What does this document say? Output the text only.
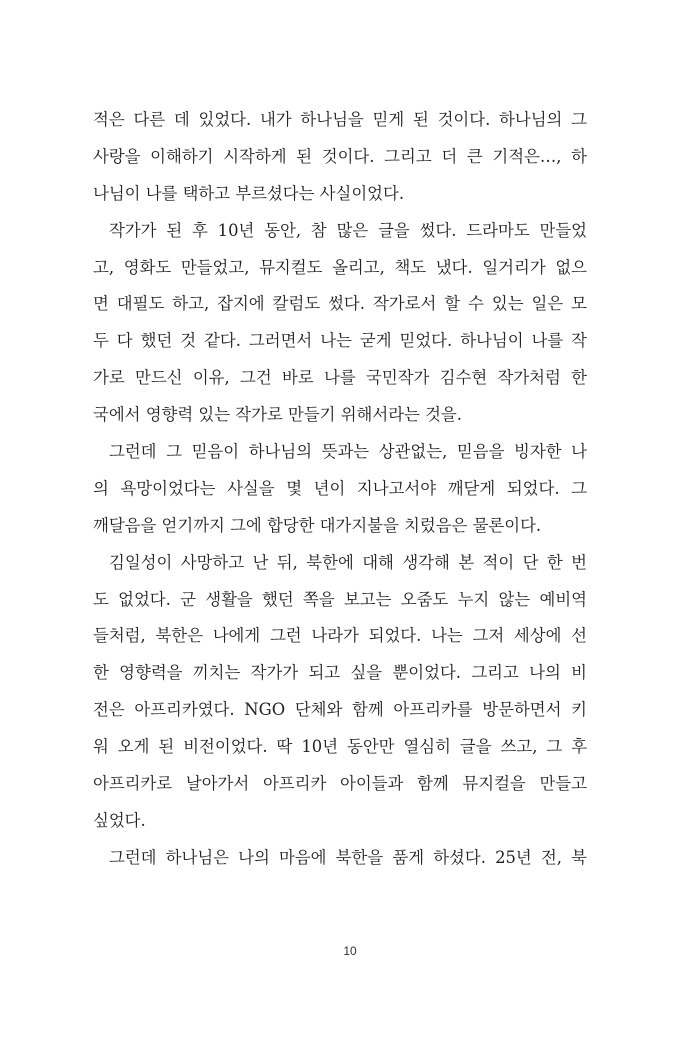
적은 다른 데 있었다. 내가 하나님을 믿게 된 것이다. 하나님의 그
사랑을 이해하기 시작하게 된 것이다. 그리고 더 큰 기적은…, 하
나님이 나를 택하고 부르셨다는 사실이었다.
작가가 된 후 10년 동안, 참 많은 글을 썼다. 드라마도 만들었
고, 영화도 만들었고, 뮤지컬도 올리고, 책도 냈다. 일거리가 없으
면 대필도 하고, 잡지에 칼럼도 썼다. 작가로서 할 수 있는 일은 모
두 다 했던 것 같다. 그러면서 나는 굳게 믿었다. 하나님이 나를 작
가로 만드신 이유, 그건 바로 나를 국민작가 김수현 작가처럼 한
국에서 영향력 있는 작가로 만들기 위해서라는 것을.
그런데 그 믿음이 하나님의 뜻과는 상관없는, 믿음을 빙자한 나
의 욕망이었다는 사실을 몇 년이 지나고서야 깨닫게 되었다. 그
깨달음을 얻기까지 그에 합당한 대가지불을 치렀음은 물론이다.
김일성이 사망하고 난 뒤, 북한에 대해 생각해 본 적이 단 한 번
도 없었다. 군 생활을 했던 쪽을 보고는 오줌도 누지 않는 예비역
들처럼, 북한은 나에게 그런 나라가 되었다. 나는 그저 세상에 선
한 영향력을 끼치는 작가가 되고 싶을 뿐이었다. 그리고 나의 비
전은 아프리카였다. NGO 단체와 함께 아프리카를 방문하면서 키
워 오게 된 비전이었다. 딱 10년 동안만 열심히 글을 쓰고, 그 후
아프리카로 날아가서 아프리카 아이들과 함께 뮤지컬을 만들고
싶었다.
그런데 하나님은 나의 마음에 북한을 품게 하셨다. 25년 전, 북
10
